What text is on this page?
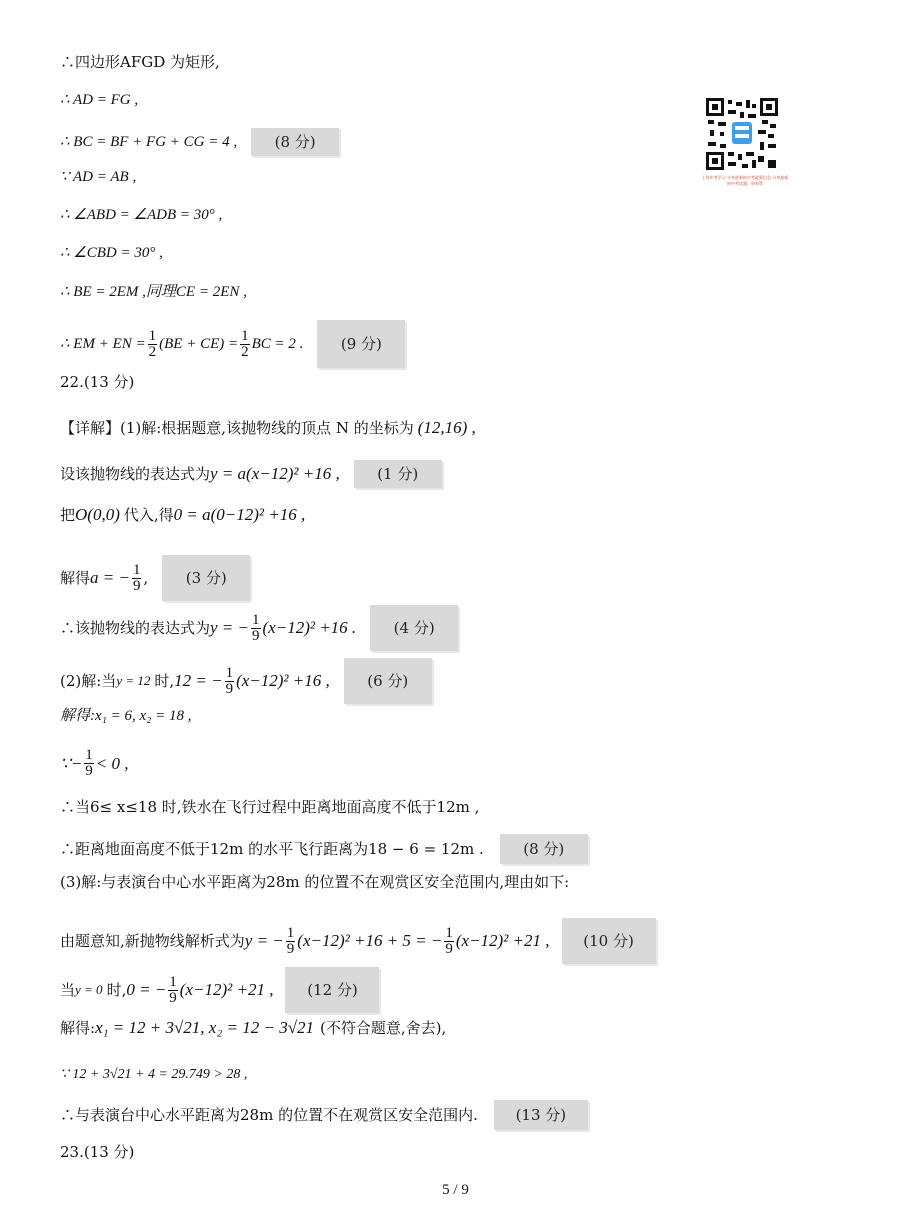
∴四边形AFGD 为矩形,
∴ AD = FG ,
∴ BC = BF + FG + CG = 4 ,	(8 分)
∵ AD = AB ,
∴ ∠ABD = ∠ADB = 30° ,
∴ ∠CBD = 30° ,
∴ BE = 2EM ,同理CE = 2EN ,
∴ EM + EN = $\frac{1}{2} (BE + CE) = \frac{1}{2}$ BC = 2 .	(9 分)
22.(13 分)
【详解】(1)解:根据题意,该抛物线的顶点 N 的坐标为 (12,16) ,
设该抛物线的表达式为 y = a(x−12)² +16 ,	(1 分)
把 O(0,0) 代入,得 0 = a(0−12)² +16 ,
解得 a = − $\frac{1}{9}$ ,	(3 分)
∴该抛物线的表达式为 y = − $\frac{1}{9} (x-12)^2 +16$ .	(4 分)
(2)解:当 y = 12 时, 12 = − $\frac{1}{9} (x-12)^2 +16$ ,	(6 分)
解得:x₁ = 6, x₂ = 18 ,
∵− $\frac{1}{9} < 0$ ,
∴当6≤ x≤18 时,铁水在飞行过程中距离地面高度不低于12m ,
∴距离地面高度不低于12m 的水平飞行距离为18 − 6 = 12m .	(8 分)
(3)解:与表演台中心水平距离为28m 的位置不在观赏区安全范围内,理由如下:
由题意知,新抛物线解析式为 y = − $\frac{1}{9} (x-12)^2 +16 + 5$ = − $\frac{1}{9} (x-12)^2 +21$ ,	(10 分)
当 y = 0 时, 0 = − $\frac{1}{9} (x-12)^2 +21$ ,	(12 分)
解得: x₁ = 12 + 3√21, x₂ = 12 − 3√21 (不符合题意,舍去),
∵ 12 + 3√21 + 4 = 29.749 > 28 ,
∴与表演台中心水平距离为28m 的位置不在观赏区安全范围内.	(13 分)
23.(13 分)
上岗中考学习 分享最新的中考政策信息 分享最新的中考试题、资料等
5 / 9
